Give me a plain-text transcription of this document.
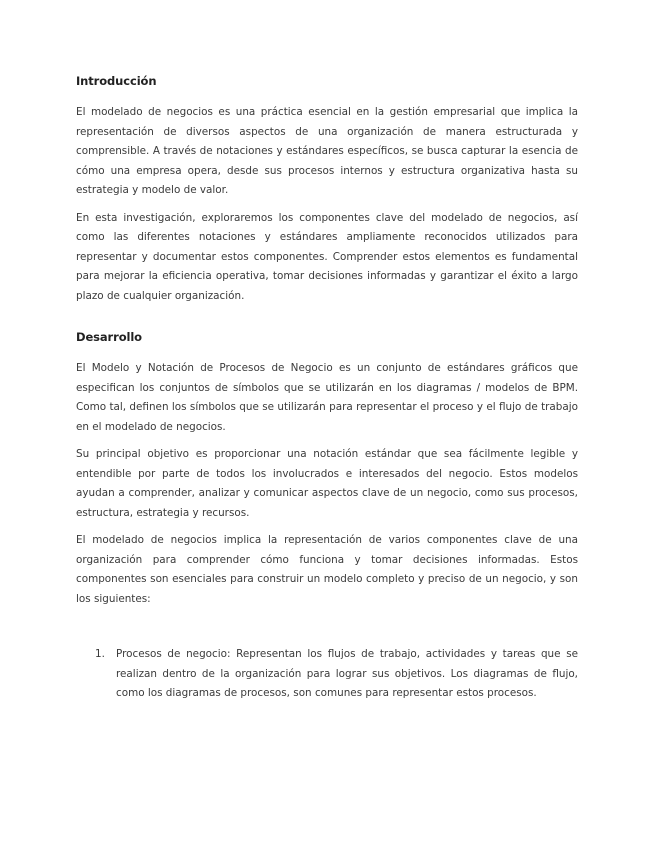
Introducción

El modelado de negocios es una práctica esencial en la gestión empresarial que implica la representación de diversos aspectos de una organización de manera estructurada y comprensible. A través de notaciones y estándares específicos, se busca capturar la esencia de cómo una empresa opera, desde sus procesos internos y estructura organizativa hasta su estrategia y modelo de valor.

En esta investigación, exploraremos los componentes clave del modelado de negocios, así como las diferentes notaciones y estándares ampliamente reconocidos utilizados para representar y documentar estos componentes. Comprender estos elementos es fundamental para mejorar la eficiencia operativa, tomar decisiones informadas y garantizar el éxito a largo plazo de cualquier organización.

Desarrollo

El Modelo y Notación de Procesos de Negocio es un conjunto de estándares gráficos que especifican los conjuntos de símbolos que se utilizarán en los diagramas / modelos de BPM. Como tal, definen los símbolos que se utilizarán para representar el proceso y el flujo de trabajo en el modelado de negocios.

Su principal objetivo es proporcionar una notación estándar que sea fácilmente legible y entendible por parte de todos los involucrados e interesados del negocio. Estos modelos ayudan a comprender, analizar y comunicar aspectos clave de un negocio, como sus procesos, estructura, estrategia y recursos.

El modelado de negocios implica la representación de varios componentes clave de una organización para comprender cómo funciona y tomar decisiones informadas. Estos componentes son esenciales para construir un modelo completo y preciso de un negocio, y son los siguientes:

1. Procesos de negocio: Representan los flujos de trabajo, actividades y tareas que se realizan dentro de la organización para lograr sus objetivos. Los diagramas de flujo, como los diagramas de procesos, son comunes para representar estos procesos.
